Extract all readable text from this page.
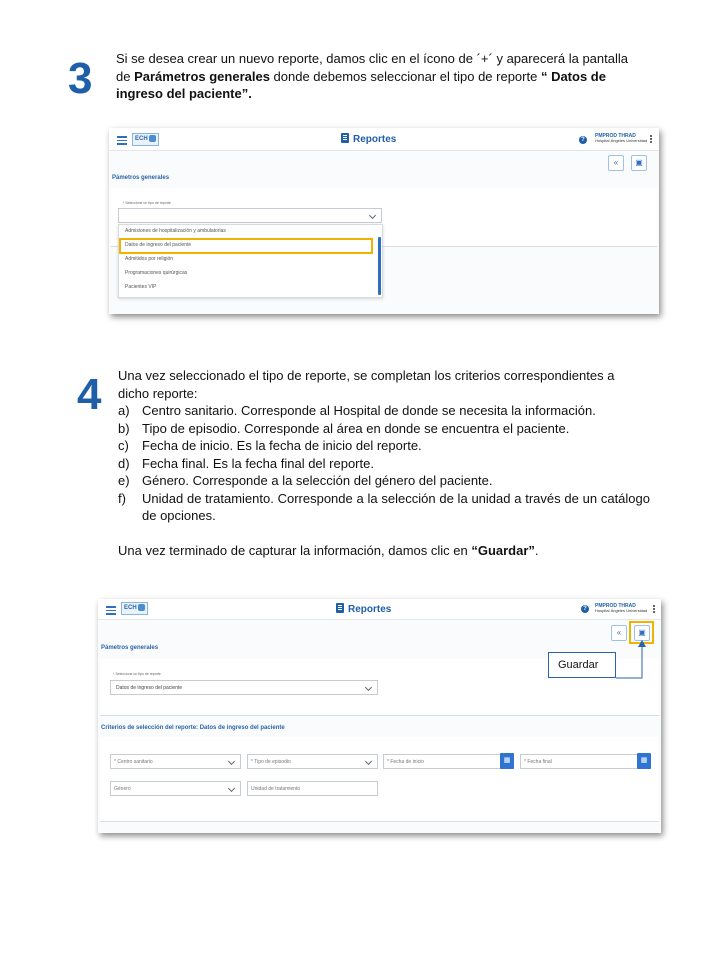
3 Si se desea crear un nuevo reporte, damos clic en el ícono de ´+´ y aparecerá la pantalla
de Parámetros generales donde debemos seleccionar el tipo de reporte “ Datos de
ingreso del paciente”.
ECH	Reportes	?
PMPROD THRAD
Hospital Ángeles Universidad
«	▣
Pámetros generales
* Seleccione un tipo de reporte
Admisiones de hospitalización y ambulatorias
Datos de ingreso del paciente
Admitidos por religión
Programaciones quirúrgicas
Pacientes VIP
4 Una vez seleccionado el tipo de reporte, se completan los criterios correspondientes a
dicho reporte:
a) Centro sanitario. Corresponde al Hospital de donde se necesita la información.
b) Tipo de episodio. Corresponde al área en donde se encuentra el paciente.
c) Fecha de inicio. Es la fecha de inicio del reporte.
d) Fecha final. Es la fecha final del reporte.
e) Género. Corresponde a la selección del género del paciente.
f) Unidad de tratamiento. Corresponde a la selección de la unidad a través de un catálogo de opciones.
Una vez terminado de capturar la información, damos clic en “Guardar”.
ECH	Reportes	?	PMPROD THRAD
Hospital Ángeles Universidad
«	▣
Pámetros generales
* Seleccione un tipo de reporte
Datos de ingreso del paciente
Criterios de selección del reporte: Datos de ingreso del paciente
* Centro sanitario	* Tipo de episodio	* Fecha de inicio	▦	* Fecha final	▦
Género	Unidad de tratamiento
Guardar
